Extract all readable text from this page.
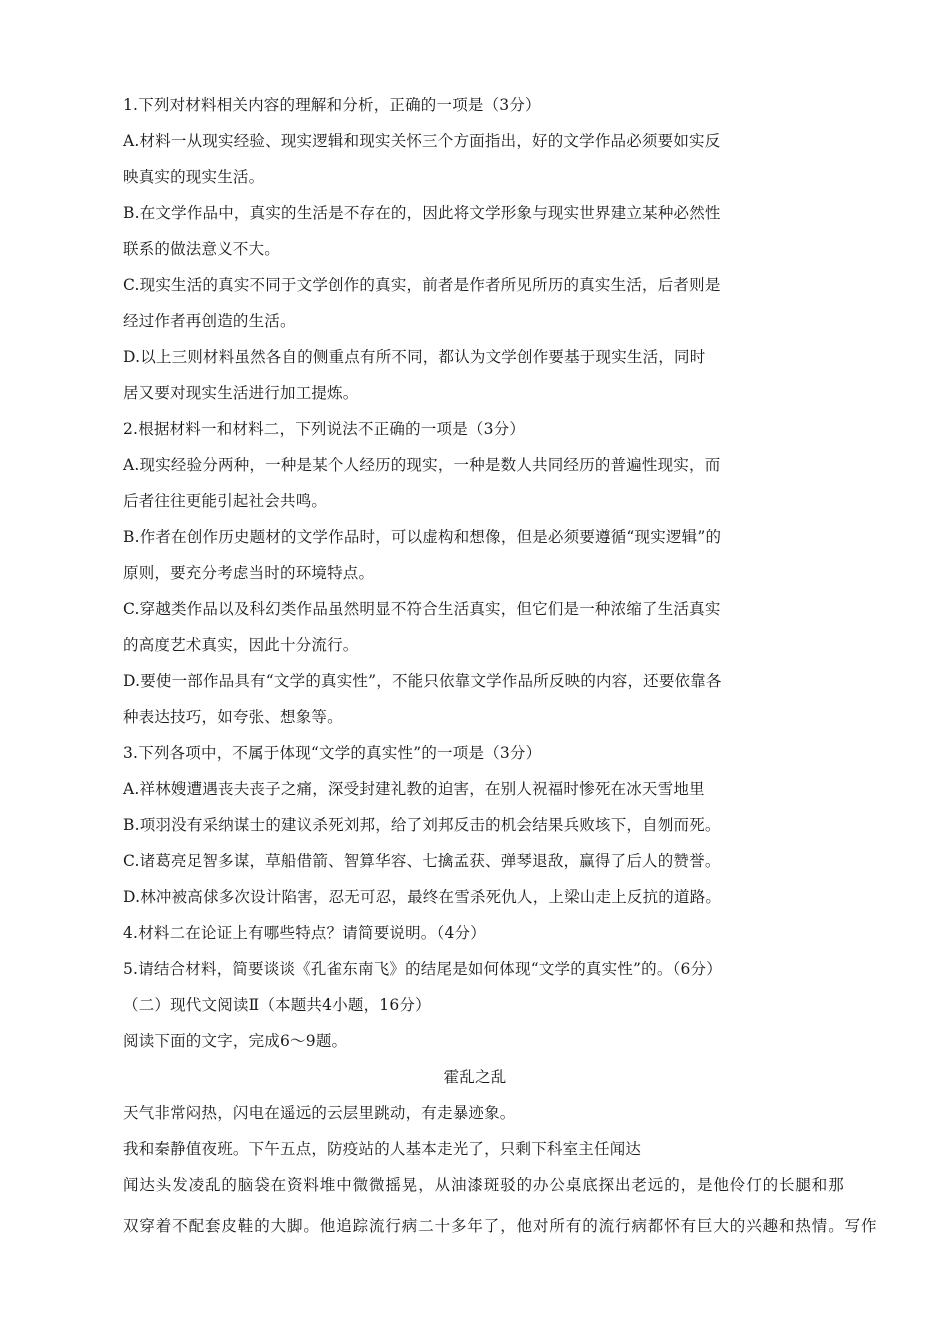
1.下列对材料相关内容的理解和分析，正确的一项是（3分）
A.材料一从现实经验、现实逻辑和现实关怀三个方面指出，好的文学作品必须要如实反
映真实的现实生活。
B.在文学作品中，真实的生活是不存在的，因此将文学形象与现实世界建立某种必然性
联系的做法意义不大。
C.现实生活的真实不同于文学创作的真实，前者是作者所见所历的真实生活，后者则是
经过作者再创造的生活。
D.以上三则材料虽然各自的侧重点有所不同，都认为文学创作要基于现实生活，同时
居又要对现实生活进行加工提炼。
2.根据材料一和材料二，下列说法不正确的一项是（3分）
A.现实经验分两种，一种是某个人经历的现实，一种是数人共同经历的普遍性现实，而
后者往往更能引起社会共鸣。
B.作者在创作历史题材的文学作品时，可以虚构和想像，但是必须要遵循“现实逻辑”的
原则，要充分考虑当时的环境特点。
C.穿越类作品以及科幻类作品虽然明显不符合生活真实，但它们是一种浓缩了生活真实
的高度艺术真实，因此十分流行。
D.要使一部作品具有“文学的真实性”，不能只依靠文学作品所反映的内容，还要依靠各
种表达技巧，如夸张、想象等。
3.下列各项中，不属于体现“文学的真实性”的一项是（3分）
A.祥林嫂遭遇丧夫丧子之痛，深受封建礼教的迫害，在别人祝福时惨死在冰天雪地里
B.项羽没有采纳谋士的建议杀死刘邦，给了刘邦反击的机会结果兵败垓下，自刎而死。
C.诸葛亮足智多谋，草船借箭、智算华容、七擒孟获、弹琴退敌，赢得了后人的赞誉。
D.林冲被高俅多次设计陷害，忍无可忍，最终在雪杀死仇人，上梁山走上反抗的道路。
4.材料二在论证上有哪些特点？请简要说明。（4分）
5.请结合材料，简要谈谈《孔雀东南飞》的结尾是如何体现“文学的真实性”的。（6分）
（二）现代文阅读Ⅱ（本题共4小题，16分）
阅读下面的文字，完成6～9题。
霍乱之乱
天气非常闷热，闪电在遥远的云层里跳动，有走暴迹象。
我和秦静值夜班。下午五点，防疫站的人基本走光了，只剩下科室主任闻达
闻达头发凌乱的脑袋在资料堆中微微摇晃，从油漆斑驳的办公桌底探出老远的，是他伶仃的长腿和那
双穿着不配套皮鞋的大脚。他追踪流行病二十多年了，他对所有的流行病都怀有巨大的兴趣和热情。写作
